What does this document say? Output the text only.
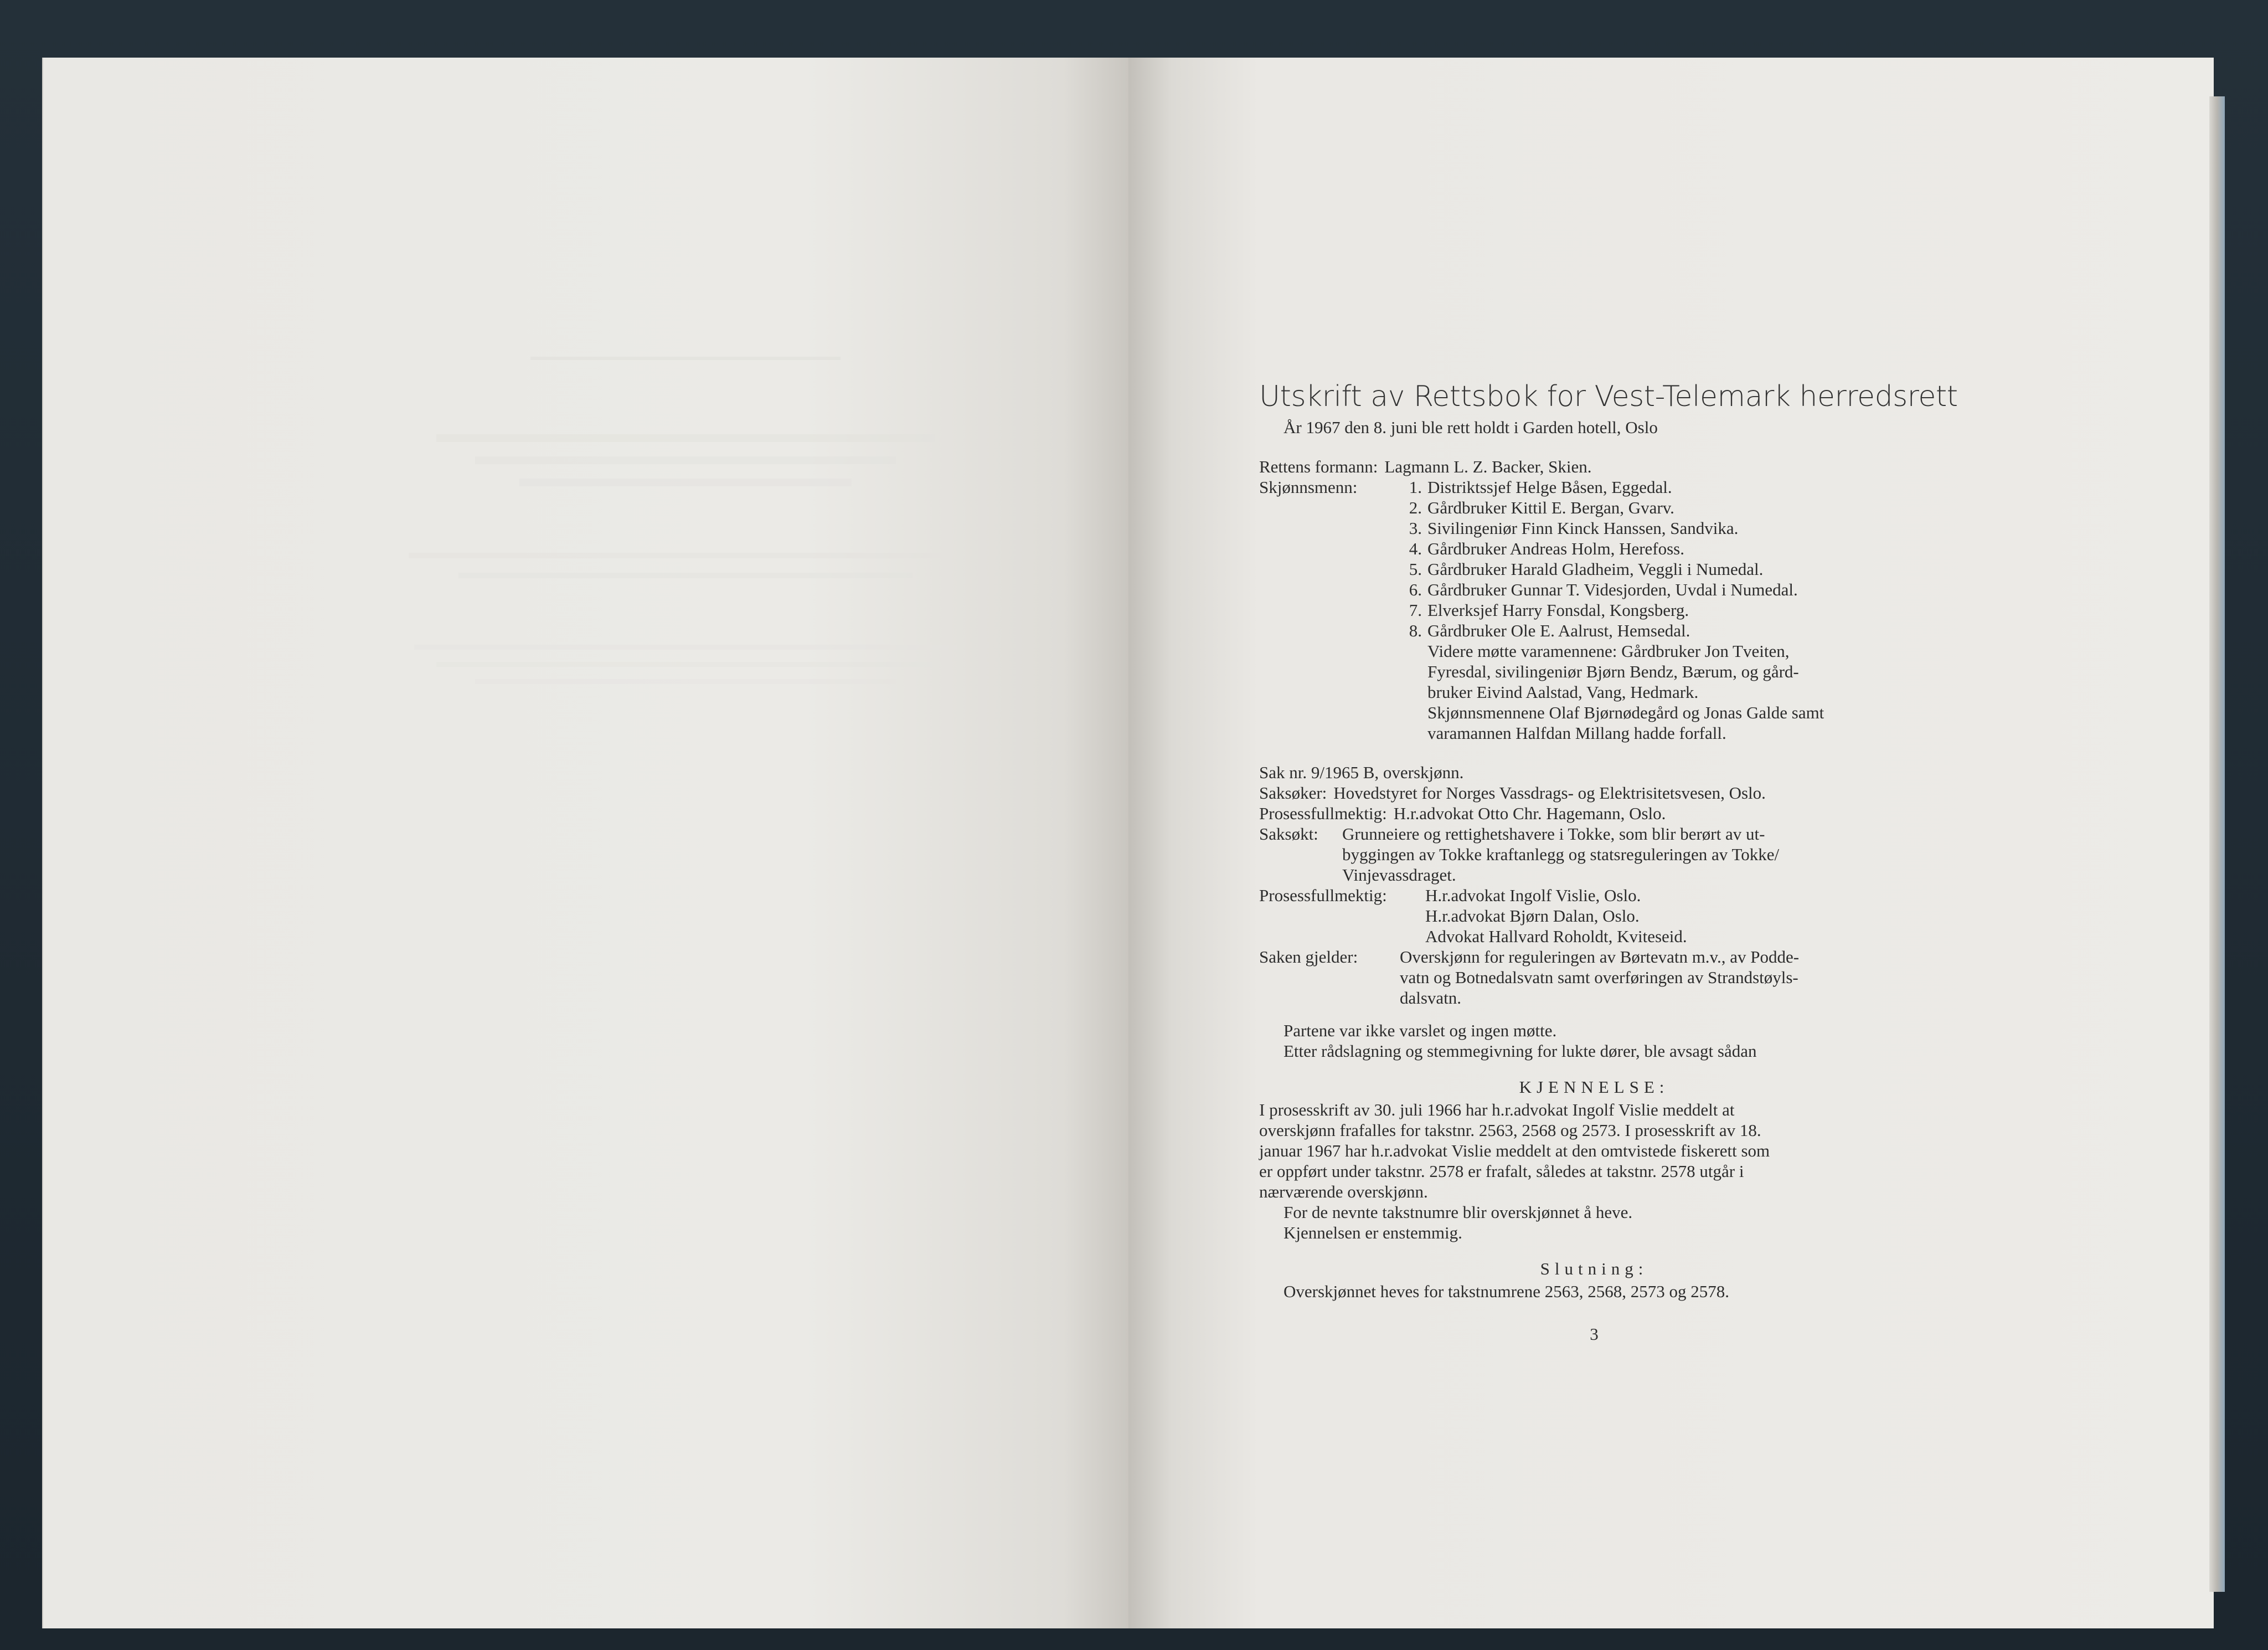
Utskrift av Rettsbok for Vest-Telemark herredsrett
År 1967 den 8. juni ble rett holdt i Garden hotell, Oslo
Rettens formann: Lagmann L. Z. Backer, Skien.
Skjønnsmenn:	1. Distriktssjef Helge Båsen, Eggedal.
2. Gårdbruker Kittil E. Bergan, Gvarv.
3. Sivilingeniør Finn Kinck Hanssen, Sandvika.
4. Gårdbruker Andreas Holm, Herefoss.
5. Gårdbruker Harald Gladheim, Veggli i Numedal.
6. Gårdbruker Gunnar T. Videsjorden, Uvdal i Numedal.
7. Elverksjef Harry Fonsdal, Kongsberg.
8. Gårdbruker Ole E. Aalrust, Hemsedal.
Videre møtte varamennene: Gårdbruker Jon Tveiten,
Fyresdal, sivilingeniør Bjørn Bendz, Bærum, og gård-
bruker Eivind Aalstad, Vang, Hedmark.
Skjønnsmennene Olaf Bjørnødegård og Jonas Galde samt
varamannen Halfdan Millang hadde forfall.
Sak nr. 9/1965 B, overskjønn.
Saksøker: Hovedstyret for Norges Vassdrags- og Elektrisitetsvesen, Oslo.
Prosessfullmektig: H.r.advokat Otto Chr. Hagemann, Oslo.
Saksøkt:	Grunneiere og rettighetshavere i Tokke, som blir berørt av ut-
byggingen av Tokke kraftanlegg og statsreguleringen av Tokke/
Vinjevassdraget.
Prosessfullmektig:	H.r.advokat Ingolf Vislie, Oslo.
H.r.advokat Bjørn Dalan, Oslo.
Advokat Hallvard Roholdt, Kviteseid.
Saken gjelder:	Overskjønn for reguleringen av Børtevatn m.v., av Podde-
vatn og Botnedalsvatn samt overføringen av Strandstøyls-
dalsvatn.
Partene var ikke varslet og ingen møtte.
Etter rådslagning og stemmegivning for lukte dører, ble avsagt sådan
KJENNELSE:
I prosesskrift av 30. juli 1966 har h.r.advokat Ingolf Vislie meddelt at
overskjønn frafalles for takstnr. 2563, 2568 og 2573. I prosesskrift av 18.
januar 1967 har h.r.advokat Vislie meddelt at den omtvistede fiskerett som
er oppført under takstnr. 2578 er frafalt, således at takstnr. 2578 utgår i
nærværende overskjønn.
For de nevnte takstnumre blir overskjønnet å heve.
Kjennelsen er enstemmig.
Slutning:
Overskjønnet heves for takstnumrene 2563, 2568, 2573 og 2578.
3
